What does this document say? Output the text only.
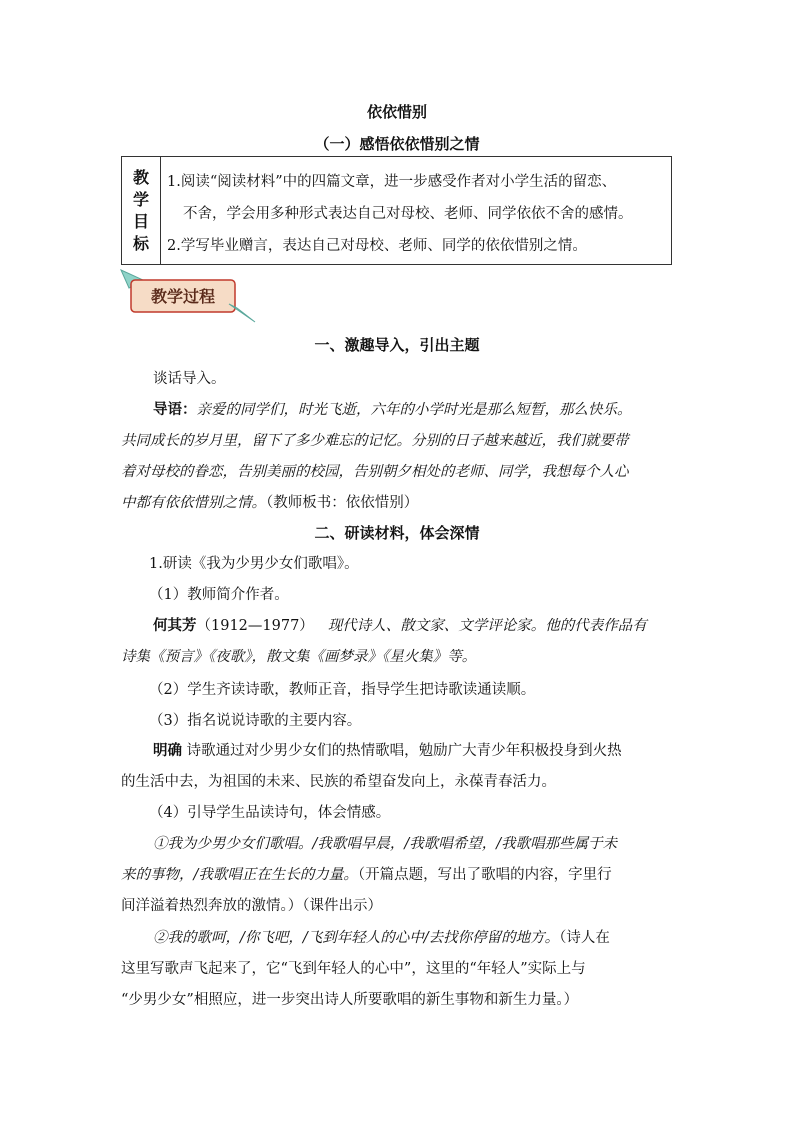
依依惜别
（一）感悟依依惜别之情
教
学
目
标

1.阅读“阅读材料”中的四篇文章，进一步感受作者对小学生活的留恋、

不舍，学会用多种形式表达自己对母校、老师、同学依依不舍的感情。

2.学写毕业赠言，表达自己对母校、老师、同学的依依惜别之情。

教学过程
一、激趣导入，引出主题
谈话导入。

导语：亲爱的同学们，时光飞逝，六年的小学时光是那么短暂，那么快乐。

共同成长的岁月里，留下了多少难忘的记忆。分别的日子越来越近，我们就要带

着对母校的眷恋，告别美丽的校园，告别朝夕相处的老师、同学，我想每个人心

中都有依依惜别之情。（教师板书：依依惜别）

二、研读材料，体会深情
1.研读《我为少男少女们歌唱》。
（1）教师简介作者。

何其芳（1912—1977） 现代诗人、散文家、文学评论家。他的代表作品有

诗集《预言》《夜歌》，散文集《画梦录》《星火集》等。

（2）学生齐读诗歌，教师正音，指导学生把诗歌读通读顺。
（3）指名说说诗歌的主要内容。

明确 诗歌通过对少男少女们的热情歌唱，勉励广大青少年积极投身到火热

的生活中去，为祖国的未来、民族的希望奋发向上，永葆青春活力。

（4）引导学生品读诗句，体会情感。

①我为少男少女们歌唱。/我歌唱早晨，/我歌唱希望，/我歌唱那些属于未

来的事物，/我歌唱正在生长的力量。（开篇点题，写出了歌唱的内容，字里行

间洋溢着热烈奔放的激情。）（课件出示）

②我的歌呵，/你飞吧，/飞到年轻人的心中/去找你停留的地方。（诗人在

这里写歌声飞起来了，它“飞到年轻人的心中”，这里的“年轻人”实际上与

“少男少女”相照应，进一步突出诗人所要歌唱的新生事物和新生力量。）
